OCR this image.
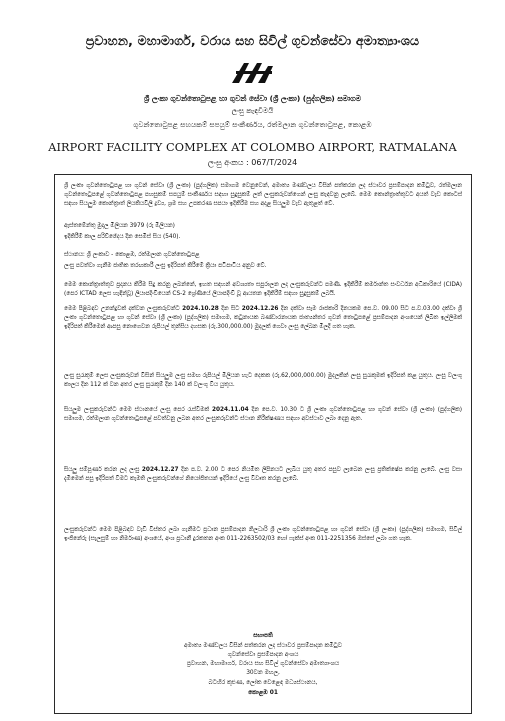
ප්‍රවාහන, මහාමාර්ග, වරාය සහ සිවිල් ගුවන්සේවා අමාත්‍යාංශය
ශ්‍රී ලංකා ගුවන්තොටුපළ හා ගුවන් සේවා (ශ්‍රී ලංකා) (පුද්ගලික) සමාගම
ලංසු කැඳවීමයි
ගුවන්තොටුපළ සහයකම් සපයුම් සංකීර්ණය, රත්මලාන ගුවන්තොටුපළ, කොළඹ
AIRPORT FACILITY COMPLEX AT COLOMBO AIRPORT, RATMALANA
ලංසු අංකය : 067/T/2024

ශ්‍රී ලංකා ගුවන්තොටුපළ හා ගුවන් සේවා (ශ්‍රී ලංකා) (පුද්ගලික) සමාගම වෙනුවෙන්, අමාත්‍ය මණ්ඩලය විසින් පත්කරන ලද ස්ථාවර ප්‍රසම්පාදන කමිටුව, රත්මලාන ගුවන්තොටුපළේ ගුවන්තොටුපළ පහසුකම් සපයුම් සංකීර්ණය සඳහා සුදුසුකම් ලත් ලංසුකරුවන්ගෙන් ලංසු කැඳවනු ලැබේ. මෙම කොන්ත්‍රාත්තුවට අයත් වැඩ කොටස් සඳහා සියලුම කොන්ත්‍රාත් ලියකියවිලි ද්‍රව්‍ය, ශ්‍රම සහ උපකරණ සපයා ඉදිකිරීම සහ අදාළ සියලුම වැඩ ඇතුළත් වේ.

ඇස්තමේන්තු මුදල මිලියන 3979 (රු මිලියන)

ඉදිකිරීම් කාල පරිච්ඡේදය දින සෙමිස් සිය (540).

ස්ථානය: ශ්‍රී ලංකාව - කොළඹ, රත්මලාන ගුවන්තොටුපළ

ලංසු පවත්වා ගැනීම ජාතික තරඟකාරී ලංසු ඉදිරිපත් කිරීමේ ක්‍රියා පටිපාටිය අනුව වේ.

මෙම කොන්ත්‍රාත්තුව ප්‍රදානය කිරීම සිදු කරනු ලබන්නේ, ඉහත සඳහන් අවශ්‍යතා සපුරාලන ලද ලංසුකරුවන්ට පමණි. ඉදිකිරීම් කර්මාන්ත සංවර්ධන අධිකාරියේ (CIDA) (පෙර ICTAD ලෙස හැඳින්වූ) ලියාපදිංචියෙන් CS-2 ශ්‍රේණියේ ලියාපදිංචි වූ ආයතන ඉදිකිරීම් සඳහා සුදුසුකම් ලබයි.

මෙම පිළිබඳව උනන්දුවක් දක්වන ලංසුකරුවන්ට 2024.10.28 දින සිට 2024.12.26 දින දක්වා සෑම රාජකාරි දිනයකම පෙ.ව. 09.00 සිට ප.ව.03.00 දක්වා ශ්‍රී ලංකා ගුවන්තොටුපළ හා ගුවන් සේවා (ශ්‍රී ලංකා) (පුද්ගලික) සමාගම, කටුනායක බණ්ඩාරනායක ජාත්‍යන්තර ගුවන් තොටුපළේ ප්‍රසම්පාදන අංශයෙන් ලිඛිත ඉල්ලීමක් ඉදිරිපත් කිරීමෙන් ආපසු නොගෙවන රුපියල් තුන්සිය දහසක (රු.300,000.00) මුදලක් ගෙවා ලංසු ලේඛන මිලදී ගත හැක.

ලංසු සුරැකුම් ලෙස ලංසුකරුවන් විසින් සියලුම ලංසු සමඟ රුපියල් මිලියන හැට දෙකක (රු.62,000,000.00) මුදලකින් ලංසු සුරැකුමක් ඉදිරිපත් කළ යුතුය. ලංසු වලංගු කාලය දින 112 ක් වන අතර ලංසු සුරැකුම් දින 140 ක් වලංගු විය යුතුය.

සියලුම ලංසුකරුවන්ට මෙම ස්ථානයේ ලංසු පෙර රැස්වීමක් 2024.11.04 දින පෙ.ව. 10.30 ට ශ්‍රී ලංකා ගුවන්තොටුපළ හා ගුවන් සේවා (ශ්‍රී ලංකා) (පුද්ගලික) සමාගම, රත්මලාන ගුවන්තොටුපළේ පවත්වනු ලබන අතර ලංසුකරුවන්ට ස්ථාන නිරීක්ෂණය සඳහා අවස්ථාව ලබා දෙනු ඇත.

සියලු සම්පූර්ණ කරන ලද ලංසු 2024.12.27 දින ප.ව. 2.00 ට පෙර නියමිත ලිපිනයට ලැබිය යුතු අතර පසුව ලැබෙන ලංසු ප්‍රතික්ෂේප කරනු ලැබේ. ලංසු වසා දැමීමෙන් පසු ඉදිරිපත් වීමට කැමති ලංසුකරුවන්ගේ නියෝජිතයන් ඉදිරියේ ලංසු විවෘත කරනු ලැබේ.

ලංසුකරුවන්ට මෙම පිළිබඳව වැඩි විස්තර ලබා ගැනීමට ප්‍රධාන ප්‍රසම්පාදන නිලධාරි ශ්‍රී ලංකා ගුවන්තොටුපළ හා ගුවන් සේවා (ශ්‍රී ලංකා) (පුද්ගලික) සමාගම, සිවිල් ඉංජිනේරු (සැලසුම් හා නිර්මාණ) අංශයේ, අංශ ප්‍රධානී දුරකතන අංක 011-2263502/03 හෝ ෆැක්ස් අංක 011-2251356 ඔස්සේ ලබා ගත හැක.

සභාපති
අමාත්‍ය මණ්ඩලය විසින් පත්කරන ලද ස්ථාවර ප්‍රසම්පාදන කමිටුව
ගුවන්සේවා ප්‍රසම්පාදන අංශය
ප්‍රවාහන, මහාමාර්ග, වරාය සහ සිවිල් ගුවන්සේවා අමාත්‍යාංශය
30වන මහල,
බටහිර කුළුණ, ලෝක වෙළෙඳ මධ්‍යස්ථානය,
කොළඹ 01
